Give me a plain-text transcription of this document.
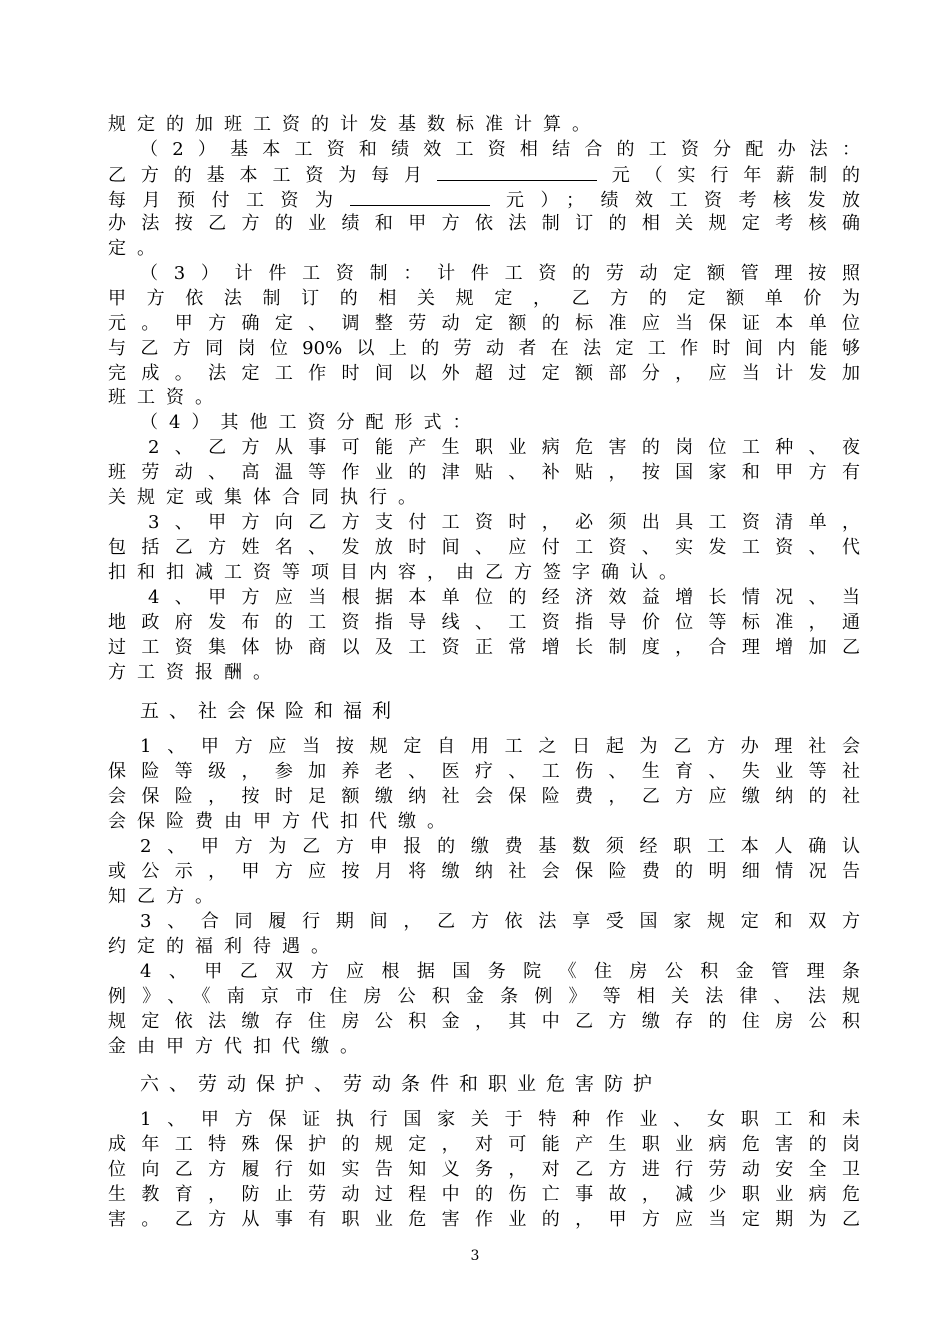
规定的加班工资的计发基数标准计算。
（2）基本工资和绩效工资相结合的工资分配办法：
乙方的基本工资为每月	元（实行年薪制的
每月预付工资为	元）；绩效工资考核发放
办法按乙方的业绩和甲方依法制订的相关规定考核确
定。
（3）计件工资制：计件工资的劳动定额管理按照
甲方依法制订的相关规定，乙方的定额单价为
元。甲方确定、调整劳动定额的标准应当保证本单位
与乙方同岗位90%以上的劳动者在法定工作时间内能够
完成。法定工作时间以外超过定额部分，应当计发加
班工资。
（4）其他工资分配形式：
2、乙方从事可能产生职业病危害的岗位工种、夜
班劳动、高温等作业的津贴、补贴，按国家和甲方有
关规定或集体合同执行。
3、甲方向乙方支付工资时，必须出具工资清单，
包括乙方姓名、发放时间、应付工资、实发工资、代
扣和扣减工资等项目内容，由乙方签字确认。
4、甲方应当根据本单位的经济效益增长情况、当
地政府发布的工资指导线、工资指导价位等标准，通
过工资集体协商以及工资正常增长制度，合理增加乙
方工资报酬。
五、社会保险和福利
1、甲方应当按规定自用工之日起为乙方办理社会
保险等级，参加养老、医疗、工伤、生育、失业等社
会保险，按时足额缴纳社会保险费，乙方应缴纳的社
会保险费由甲方代扣代缴。
2、甲方为乙方申报的缴费基数须经职工本人确认
或公示，甲方应按月将缴纳社会保险费的明细情况告
知乙方。
3、合同履行期间，乙方依法享受国家规定和双方
约定的福利待遇。
4、甲乙双方应根据国务院《住房公积金管理条
例》、《南京市住房公积金条例》等相关法律、法规
规定依法缴存住房公积金，其中乙方缴存的住房公积
金由甲方代扣代缴。
六、劳动保护、劳动条件和职业危害防护
1、甲方保证执行国家关于特种作业、女职工和未
成年工特殊保护的规定，对可能产生职业病危害的岗
位向乙方履行如实告知义务，对乙方进行劳动安全卫
生教育，防止劳动过程中的伤亡事故，减少职业病危
害。乙方从事有职业危害作业的，甲方应当定期为乙
3
